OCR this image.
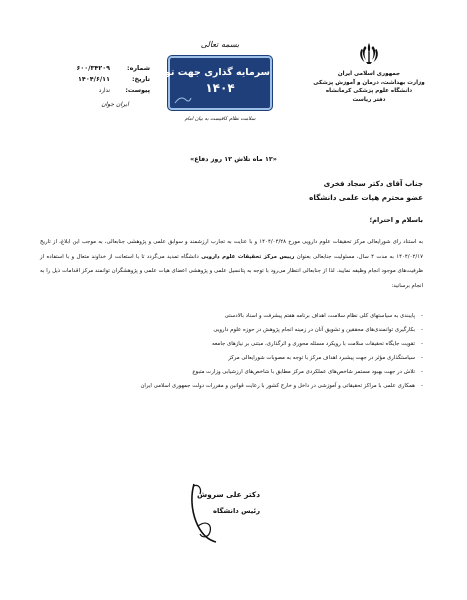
جمهوری اسلامی ایران
وزارت بهداشت، درمان و آموزش پزشکی
دانشگاه علوم پزشکی کرمانشاه
دفتر ریاست
بسمه تعالی
سرمایه گذاری جهت تولید
۱۴۰۴
سلامت نظام کافیست به بیان امام
شماره:
۶۰۰/۳۴۲۰۹
تاریخ:
۱۴۰۴/۶/۱۱
پیوست:
ندارد
ایران جوان
«۱۲ ماه تلاش ۱۲ روز دفاع»
جناب آقای دکتر سجاد فخری
عضو محترم هیات علمی دانشگاه
باسلام و احترام؛
به استناد رای شورایعالی مرکز تحقیقات علوم دارویی مورخ ۱۴۰۴/۰۴/۲۸ و با عنایت به تجارب ارزشمند و سوابق علمی و پژوهشی جنابعالی، به موجب این ابلاغ، از تاریخ ۱۴۰۴/۰۲/۱۷ به مدت ۴ سال، مسئولیت جنابعالی بعنوان رییس مرکز تحقیقات علوم دارویی دانشگاه تمدید می‌گردد تا با استعانت از خداوند متعال و با استفاده از ظرفیت‌های موجود انجام وظیفه نمایید. لذا از جنابعالی انتظار می‌رود با توجه به پتانسیل علمی و پژوهشی اعضای هیات علمی و پژوهشگران توانمند مرکز اقدامات ذیل را به انجام برسانید:
- پایبندی به سیاستهای کلی نظام سلامت، اهداف برنامه هفتم پیشرفت و اسناد بالادستی
- بکارگیری توانمندی‌های محققین و تشویق آنان در زمینه انجام پژوهش در حوزه علوم دارویی
- تقویت جایگاه تحقیقات سلامت با رویکرد مسئله محوری و اثرگذاری، مبتنی بر نیازهای جامعه
- سیاستگذاری مؤثر در جهت پیشبرد اهداف مرکز با توجه به مصوبات شورایعالی مرکز
- تلاش در جهت بهبود مستمر شاخص‌های عملکردی مرکز مطابق با شاخص‌های ارزشیابی وزارت متبوع
- همکاری علمی با مراکز تحقیقاتی و آموزشی در داخل و خارج کشور با رعایت قوانین و مقررات دولت جمهوری اسلامی ایران
دکتر علی سروش
رئیس دانشگاه
